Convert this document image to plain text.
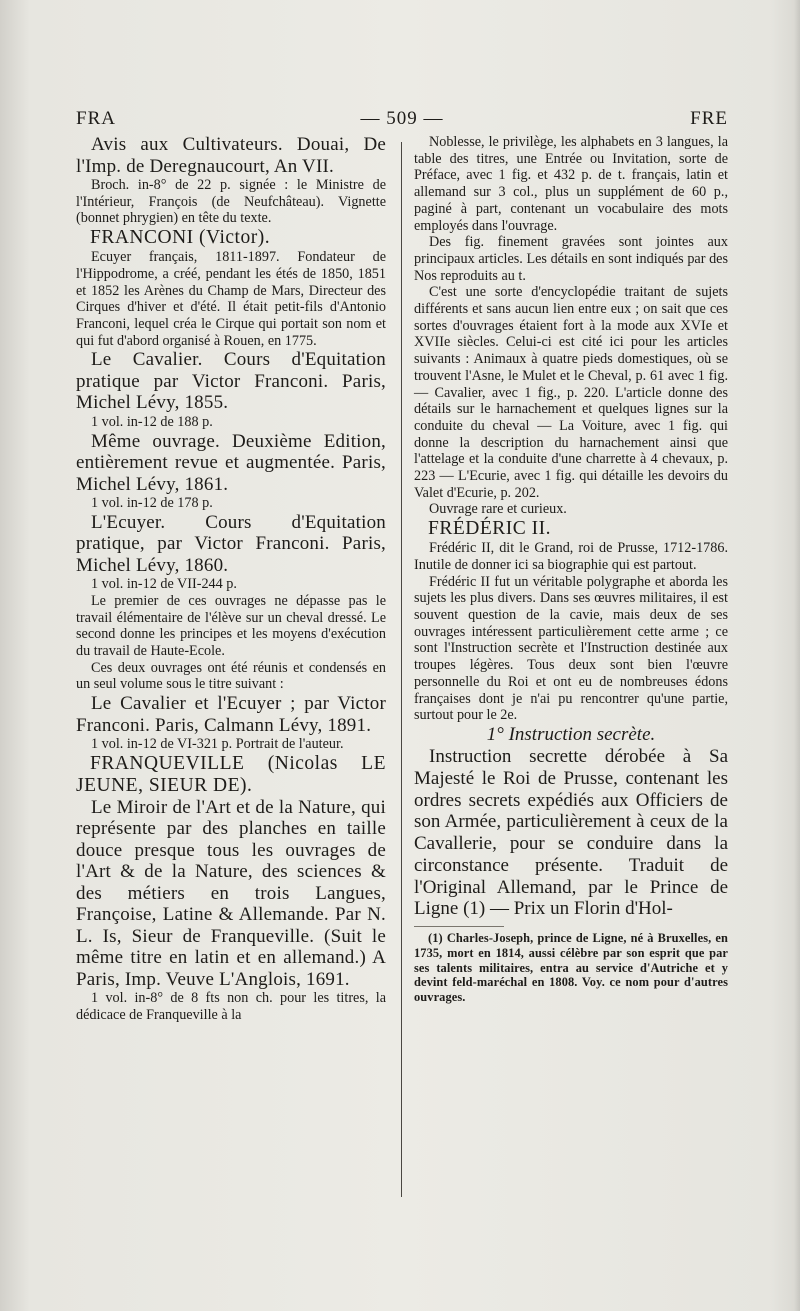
FRA	— 509 —	FRE

Avis aux Cultivateurs. Douai, De l'Imp. de Deregnaucourt, An VII.

Broch. in-8° de 22 p. signée : le Ministre de l'Intérieur, François (de Neufchâteau). Vignette (bonnet phrygien) en tête du texte.

FRANCONI (Victor).

Ecuyer français, 1811-1897. Fondateur de l'Hippodrome, a créé, pendant les étés de 1850, 1851 et 1852 les Arènes du Champ de Mars, Directeur des Cirques d'hiver et d'été. Il était petit-fils d'Antonio Franconi, lequel créa le Cirque qui portait son nom et qui fut d'abord organisé à Rouen, en 1775.

Le Cavalier. Cours d'Equitation pratique par Victor Franconi. Paris, Michel Lévy, 1855.

1 vol. in-12 de 188 p.

Même ouvrage. Deuxième Edition, entièrement revue et augmentée. Paris, Michel Lévy, 1861.

1 vol. in-12 de 178 p.

L'Ecuyer. Cours d'Equitation pratique, par Victor Franconi. Paris, Michel Lévy, 1860.

1 vol. in-12 de VII-244 p.

Le premier de ces ouvrages ne dépasse pas le travail élémentaire de l'élève sur un cheval dressé. Le second donne les principes et les moyens d'exécution du travail de Haute-Ecole.

Ces deux ouvrages ont été réunis et condensés en un seul volume sous le titre suivant :

Le Cavalier et l'Ecuyer ; par Victor Franconi. Paris, Calmann Lévy, 1891.

1 vol. in-12 de VI-321 p. Portrait de l'auteur.

FRANQUEVILLE (Nicolas LE JEUNE, SIEUR DE).

Le Miroir de l'Art et de la Nature, qui représente par des planches en taille douce presque tous les ouvrages de l'Art & de la Nature, des sciences & des métiers en trois Langues, Françoise, Latine & Allemande. Par N. L. Is, Sieur de Franqueville. (Suit le même titre en latin et en allemand.) A Paris, Imp. Veuve L'Anglois, 1691.

1 vol. in-8° de 8 fts non ch. pour les titres, la dédicace de Franqueville à la

Noblesse, le privilège, les alphabets en 3 langues, la table des titres, une Entrée ou Invitation, sorte de Préface, avec 1 fig. et 432 p. de t. français, latin et allemand sur 3 col., plus un supplément de 60 p., paginé à part, contenant un vocabulaire des mots employés dans l'ouvrage.

Des fig. finement gravées sont jointes aux principaux articles. Les détails en sont indiqués par des Nos reproduits au t.

C'est une sorte d'encyclopédie traitant de sujets différents et sans aucun lien entre eux ; on sait que ces sortes d'ouvrages étaient fort à la mode aux XVIe et XVIIe siècles. Celui-ci est cité ici pour les articles suivants : Animaux à quatre pieds domestiques, où se trouvent l'Asne, le Mulet et le Cheval, p. 61 avec 1 fig. — Cavalier, avec 1 fig., p. 220. L'article donne des détails sur le harnachement et quelques lignes sur la conduite du cheval — La Voiture, avec 1 fig. qui donne la description du harnachement ainsi que l'attelage et la conduite d'une charrette à 4 chevaux, p. 223 — L'Ecurie, avec 1 fig. qui détaille les devoirs du Valet d'Ecurie, p. 202.

Ouvrage rare et curieux.

FRÉDÉRIC II.

Frédéric II, dit le Grand, roi de Prusse, 1712-1786. Inutile de donner ici sa biographie qui est partout.

Frédéric II fut un véritable polygraphe et aborda les sujets les plus divers. Dans ses œuvres militaires, il est souvent question de la cavie, mais deux de ses ouvrages intéressent particulièrement cette arme ; ce sont l'Instruction secrète et l'Instruction destinée aux troupes légères. Tous deux sont bien l'œuvre personnelle du Roi et ont eu de nombreuses édons françaises dont je n'ai pu rencontrer qu'une partie, surtout pour le 2e.

1° Instruction secrète.

Instruction secrette dérobée à Sa Majesté le Roi de Prusse, contenant les ordres secrets expédiés aux Officiers de son Armée, particulièrement à ceux de la Cavallerie, pour se conduire dans la circonstance présente. Traduit de l'Original Allemand, par le Prince de Ligne (1) — Prix un Florin d'Hol-

(1) Charles-Joseph, prince de Ligne, né à Bruxelles, en 1735, mort en 1814, aussi célèbre par son esprit que par ses talents militaires, entra au service d'Autriche et y devint feld-maréchal en 1808. Voy. ce nom pour d'autres ouvrages.
